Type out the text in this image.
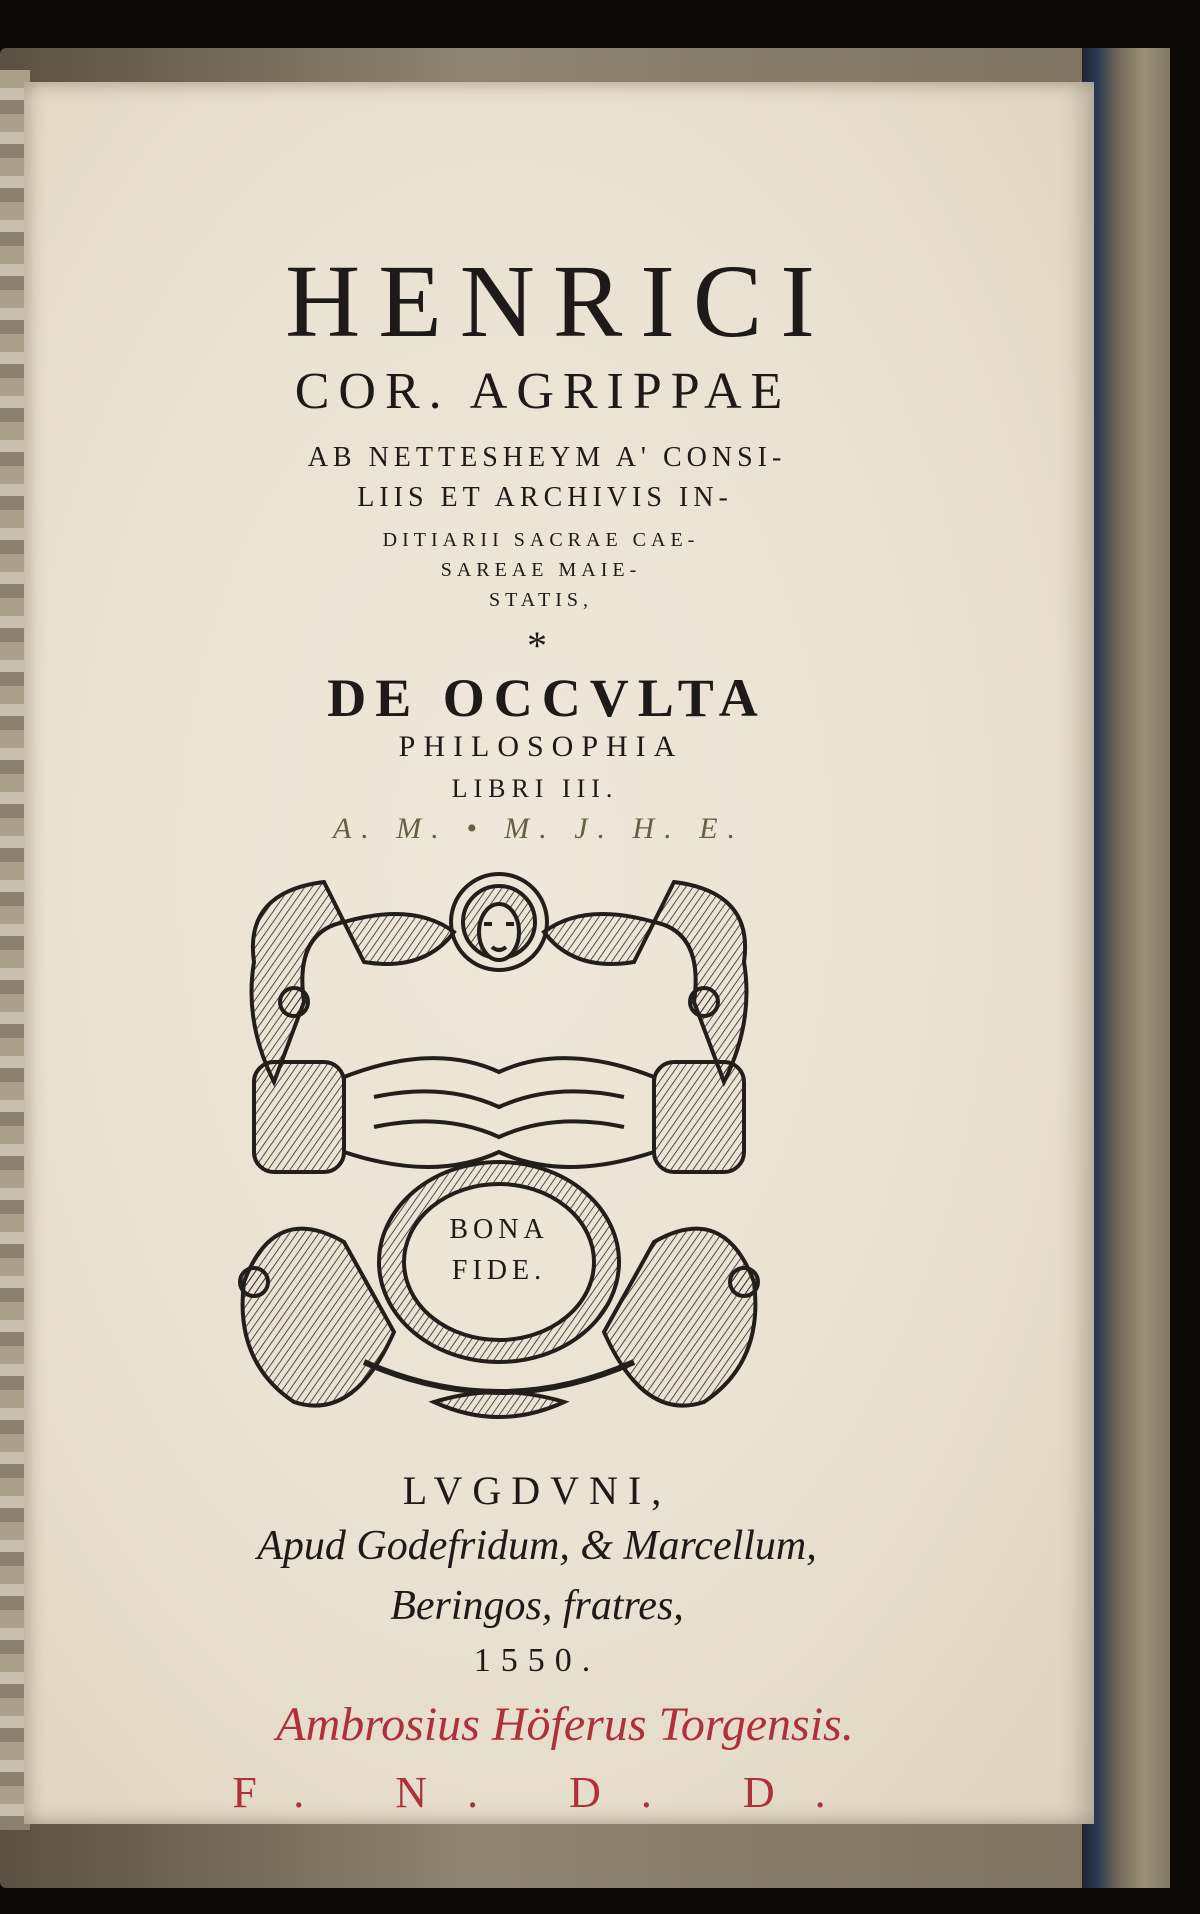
HENRICI
COR. AGRIPPAE
AB NETTESHEYM A' CONSI-
LIIS ET ARCHIVIS IN-
DITIARII SACRAE CAE-
SAREAE MAIE-
STATIS,
*
DE OCCVLTA
PHILOSOPHIA
LIBRI III.
A. M. • M. J. H. E.
BONA
FIDE.
LVGDVNI,
Apud Godefridum, & Marcellum,
Beringos, fratres,
1550.
Ambrosius Höferus Torgensis.
F. N. D. D.
